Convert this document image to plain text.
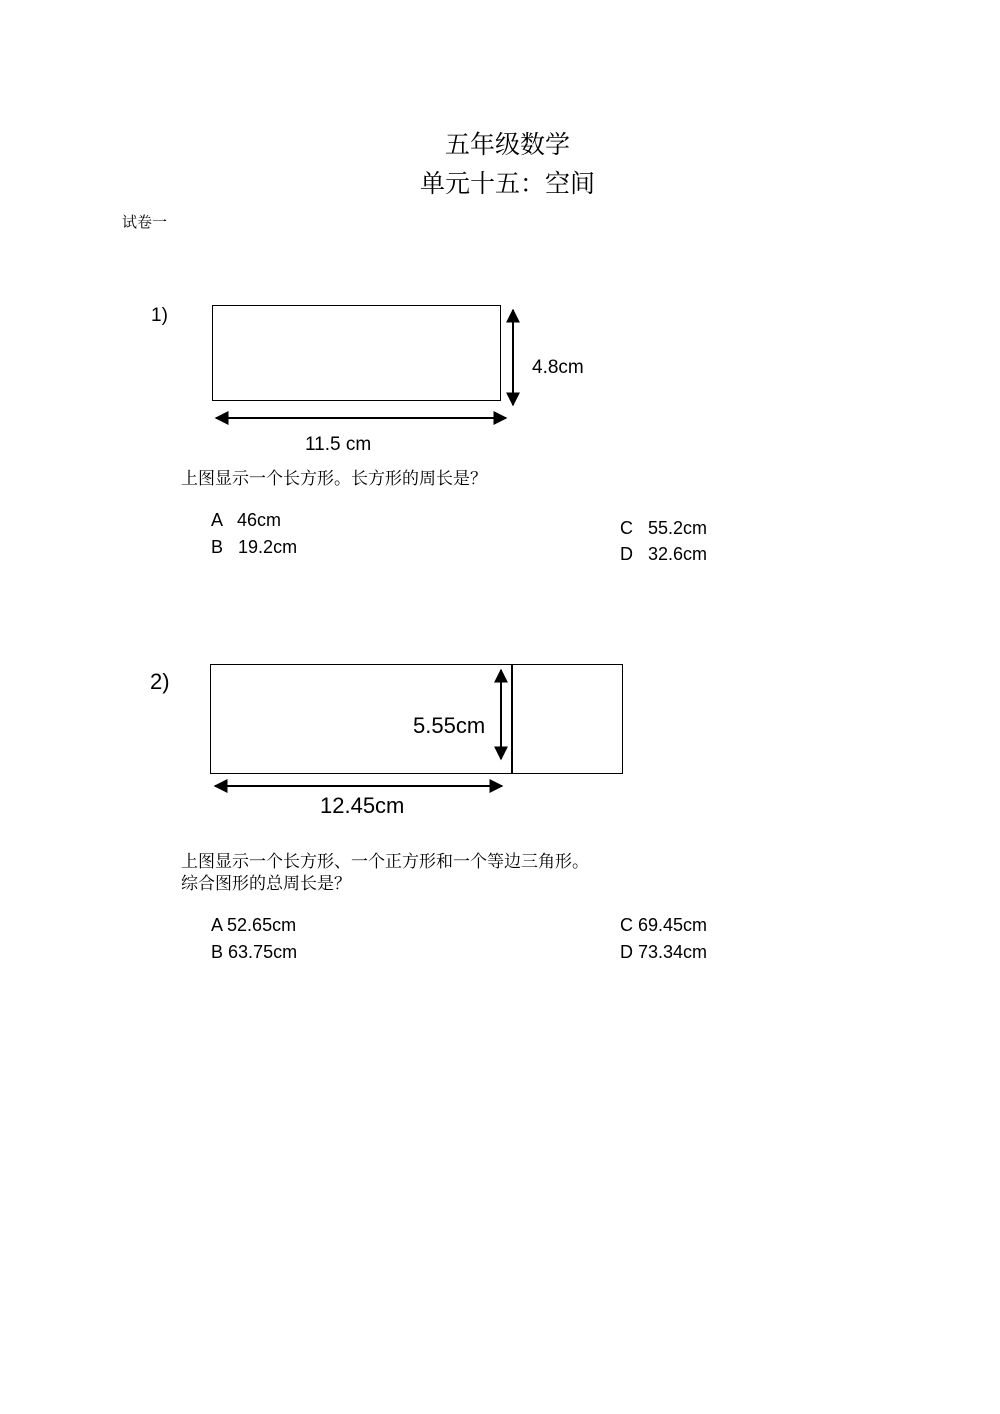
五年级数学
单元十五：空间
试卷一
1)
4.8cm
11.5 cm
上图显示一个长方形。长方形的周长是？
A 46cm
B 19.2cm
C 55.2cm
D 32.6cm
2)
5.55cm
12.45cm
上图显示一个长方形、一个正方形和一个等边三角形。
综合图形的总周长是？
A 52.65cm
B 63.75cm
C 69.45cm
D 73.34cm
